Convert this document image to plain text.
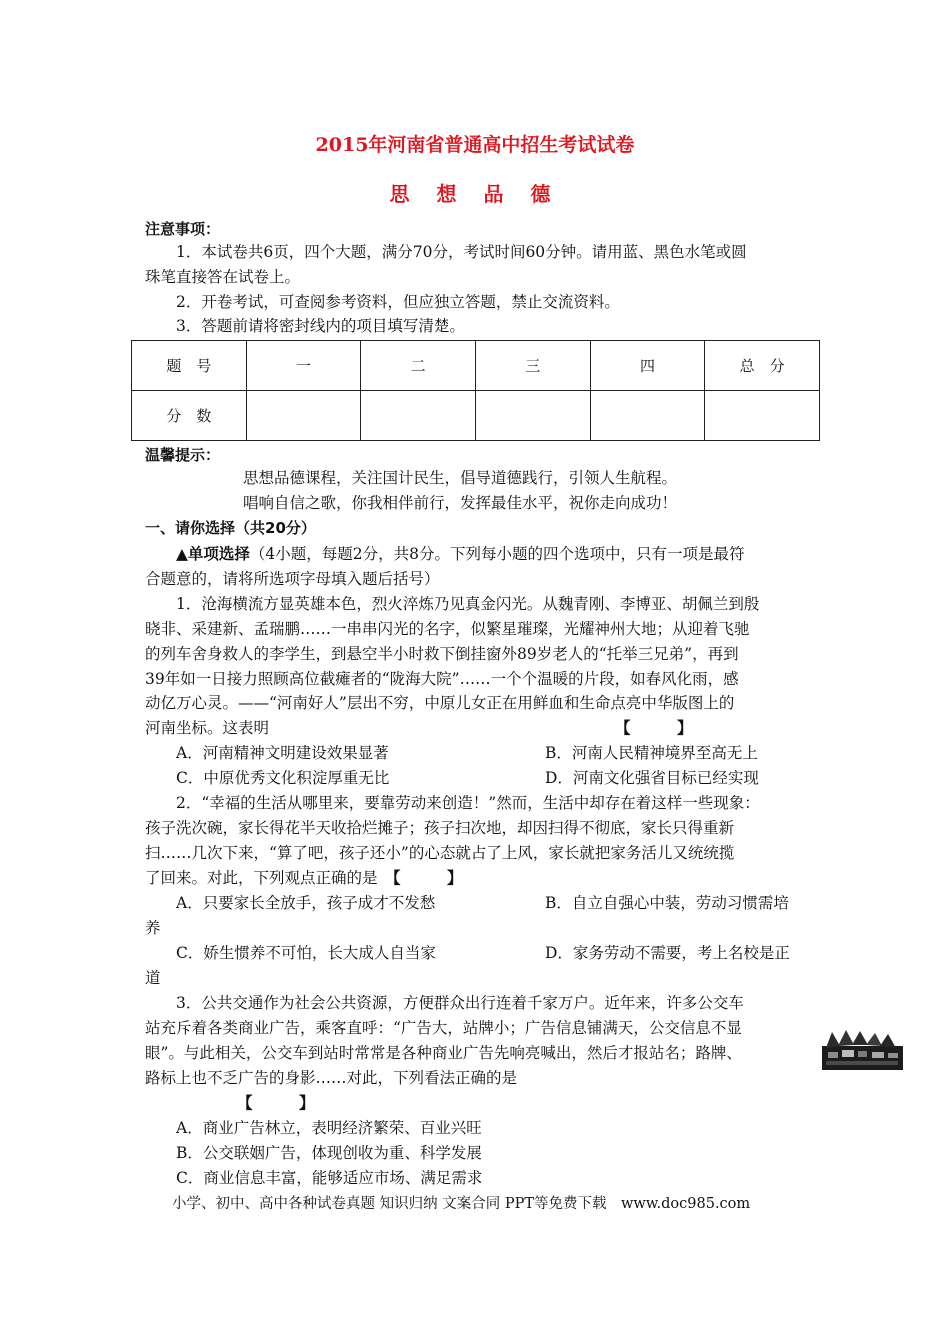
2015年河南省普通高中招生考试试卷
思 想 品 德
注意事项：
1．本试卷共6页，四个大题，满分70分，考试时间60分钟。请用蓝、黑色水笔或圆
珠笔直接答在试卷上。
2．开卷考试，可查阅参考资料，但应独立答题，禁止交流资料。
3．答题前请将密封线内的项目填写清楚。
题　号	一	二	三	四	总　分
分　数					
温馨提示：
思想品德课程，关注国计民生，倡导道德践行，引领人生航程。
唱响自信之歌，你我相伴前行，发挥最佳水平，祝你走向成功！
一、请你选择（共20分）
▲单项选择（4小题，每题2分，共8分。下列每小题的四个选项中，只有一项是最符
合题意的，请将所选项字母填入题后括号）
1．沧海横流方显英雄本色，烈火淬炼乃见真金闪光。从魏青刚、李博亚、胡佩兰到殷
晓非、采建新、孟瑞鹏……一串串闪光的名字，似繁星璀璨，光耀神州大地；从迎着飞驰
的列车舍身救人的李学生，到悬空半小时救下倒挂窗外89岁老人的“托举三兄弟”，再到
39年如一日接力照顾高位截瘫者的“陇海大院”……一个个温暖的片段，如春风化雨，感
动亿万心灵。——“河南好人”层出不穷，中原儿女正在用鲜血和生命点亮中华版图上的
河南坐标。这表明	【　　　】
A．河南精神文明建设效果显著	B．河南人民精神境界至高无上
C．中原优秀文化积淀厚重无比	D．河南文化强省目标已经实现
2．“幸福的生活从哪里来，要靠劳动来创造！”然而，生活中却存在着这样一些现象：
孩子洗次碗，家长得花半天收拾烂摊子；孩子扫次地，却因扫得不彻底，家长只得重新
扫……几次下来，“算了吧，孩子还小”的心态就占了上风，家长就把家务活儿又统统揽
了回来。对此，下列观点正确的是 【　　　】
A．只要家长全放手，孩子成才不发愁	B．自立自强心中装，劳动习惯需培
养
C．娇生惯养不可怕，长大成人自当家	D．家务劳动不需要，考上名校是正
道
3．公共交通作为社会公共资源，方便群众出行连着千家万户。近年来，许多公交车
站充斥着各类商业广告，乘客直呼：“广告大，站牌小；广告信息铺满天，公交信息不显
眼”。与此相关，公交车到站时常常是各种商业广告先响亮喊出，然后才报站名；路牌、
路标上也不乏广告的身影……对此，下列看法正确的是
【　　　】
A．商业广告林立，表明经济繁荣、百业兴旺
B．公交联姻广告，体现创收为重、科学发展
C．商业信息丰富，能够适应市场、满足需求
小学、初中、高中各种试卷真题 知识归纳 文案合同 PPT等免费下载　www.doc985.com
